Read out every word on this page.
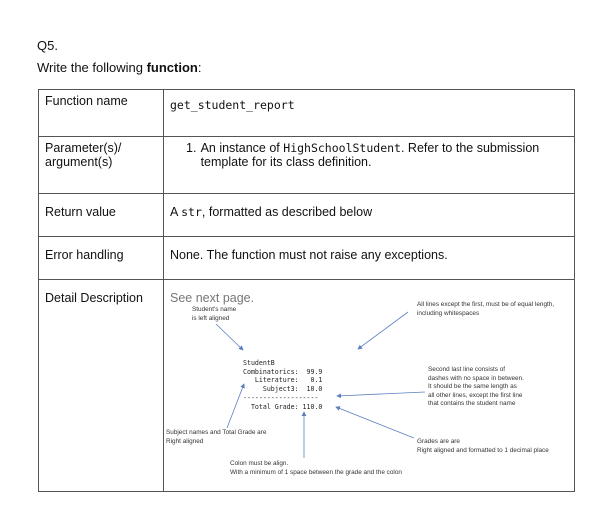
Q5.
Write the following function:
Function name	get_student_report
Parameter(s)/ argument(s)	1. An instance of HighSchoolStudent. Refer to the submission template for its class definition.

Return value	A str, formatted as described below
Error handling	None. The function must not raise any exceptions.
Detail Description	See next page.
Student's name
is left aligned
All lines except the first, must be of equal length,
including whitespaces
Second last line consists of
dashes with no space in between.
It should be the same length as
all other lines, except the first line
that contains the student name
Subject names and Total Grade are
Right aligned	Grades are are
Right aligned and formatted to 1 decimal place
Colon must be align.
With a minimum of 1 space between the grade and the colon

StudentB
Combinatorics:  99.9
Literature:   0.1
Subject3:  10.0
-------------------
Total Grade: 110.0
